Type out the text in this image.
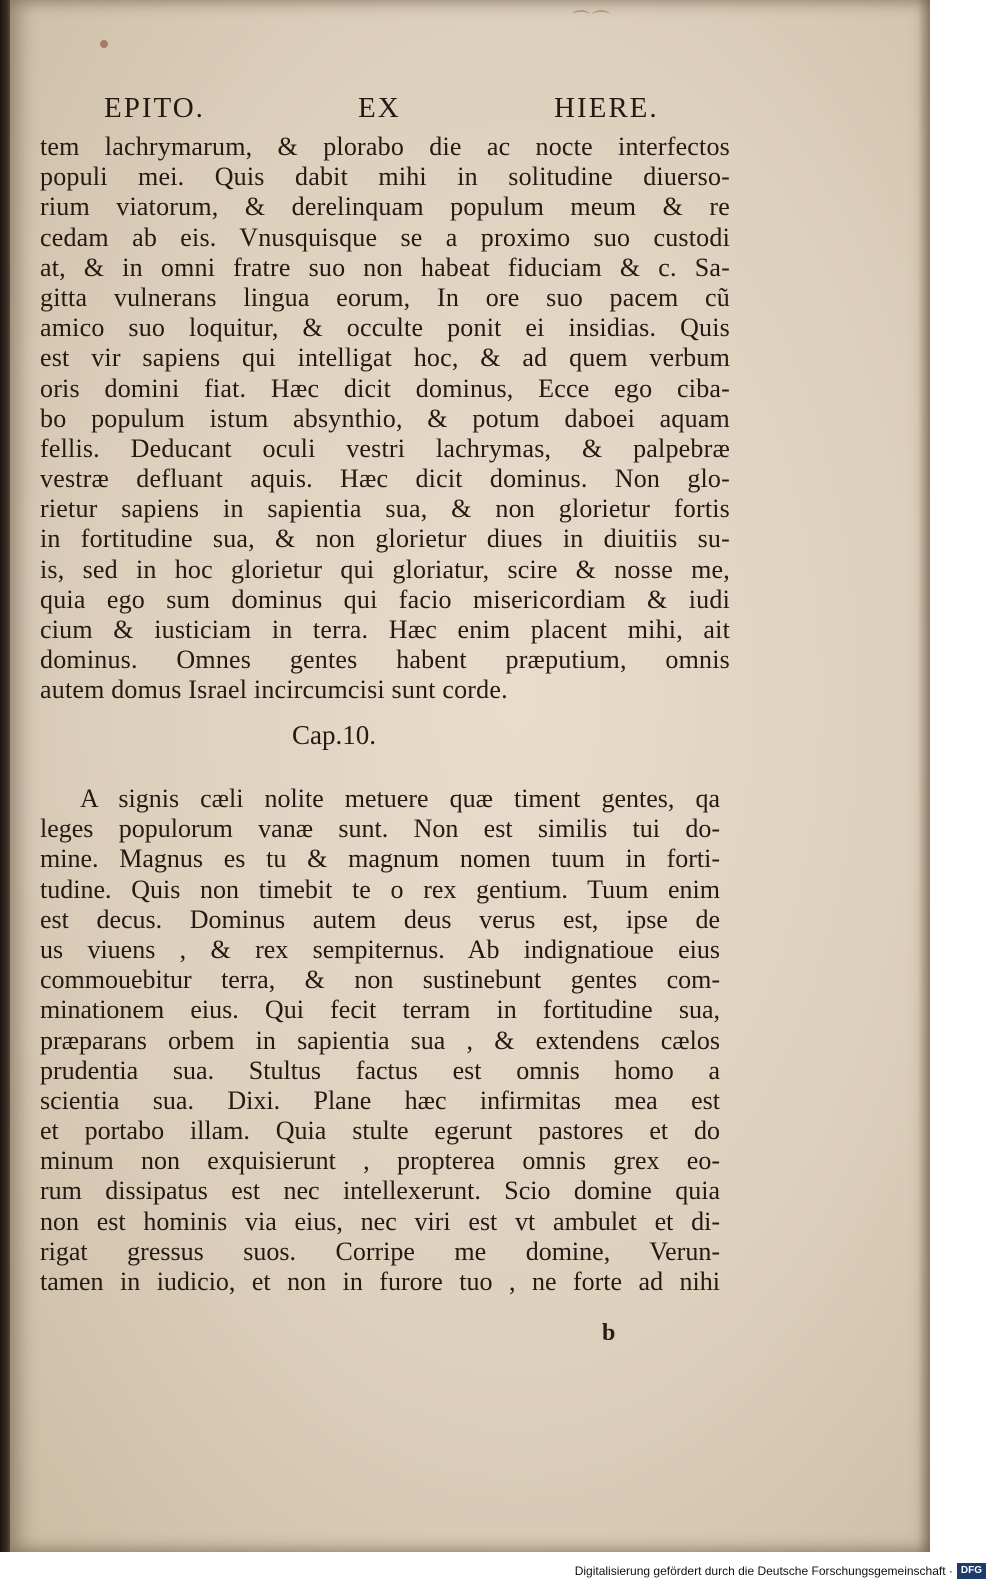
⌒⌒
EPITO.	EX	HIERE.
tem lachrymarum, & plorabo die ac nocte interfectos
populi mei. Quis dabit mihi in solitudine diuerso-
rium viatorum, & derelinquam populum meum & re
cedam ab eis. Vnusquisque se a proximo suo custodi
at, & in omni fratre suo non habeat fiduciam & c. Sa-
gitta vulnerans lingua eorum, In ore suo pacem cũ
amico suo loquitur, & occulte ponit ei insidias. Quis
est vir sapiens qui intelligat hoc, & ad quem verbum
oris domini fiat. Hæc dicit dominus, Ecce ego ciba-
bo populum istum absynthio, & potum daboei aquam
fellis. Deducant oculi vestri lachrymas, & palpebræ
vestræ defluant aquis. Hæc dicit dominus. Non glo-
rietur sapiens in sapientia sua, & non glorietur fortis
in fortitudine sua, & non glorietur diues in diuitiis su-
is, sed in hoc glorietur qui gloriatur, scire & nosse me,
quia ego sum dominus qui facio misericordiam & iudi
cium & iusticiam in terra. Hæc enim placent mihi, ait
dominus. Omnes gentes habent præputium, omnis
autem domus Israel incircumcisi sunt corde.
Cap.10.
A signis cæli nolite metuere quæ timent gentes, qa
leges populorum vanæ sunt. Non est similis tui do-
mine. Magnus es tu & magnum nomen tuum in forti-
tudine. Quis non timebit te o rex gentium. Tuum enim
est decus. Dominus autem deus verus est, ipse de
us viuens , & rex sempiternus. Ab indignatioue eius
commouebitur terra, & non sustinebunt gentes com-
minationem eius. Qui fecit terram in fortitudine sua,
præparans orbem in sapientia sua , & extendens cælos
prudentia sua. Stultus factus est omnis homo a
scientia sua. Dixi. Plane hæc infirmitas mea est
et portabo illam. Quia stulte egerunt pastores et do
minum non exquisierunt , propterea omnis grex eo-
rum dissipatus est nec intellexerunt. Scio domine quia
non est hominis via eius, nec viri est vt ambulet et di-
rigat gressus suos. Corripe me domine, Verun-
tamen in iudicio, et non in furore tuo , ne forte ad nihi
b
Digitalisierung gefördert durch die Deutsche Forschungsgemeinschaft · DFG
